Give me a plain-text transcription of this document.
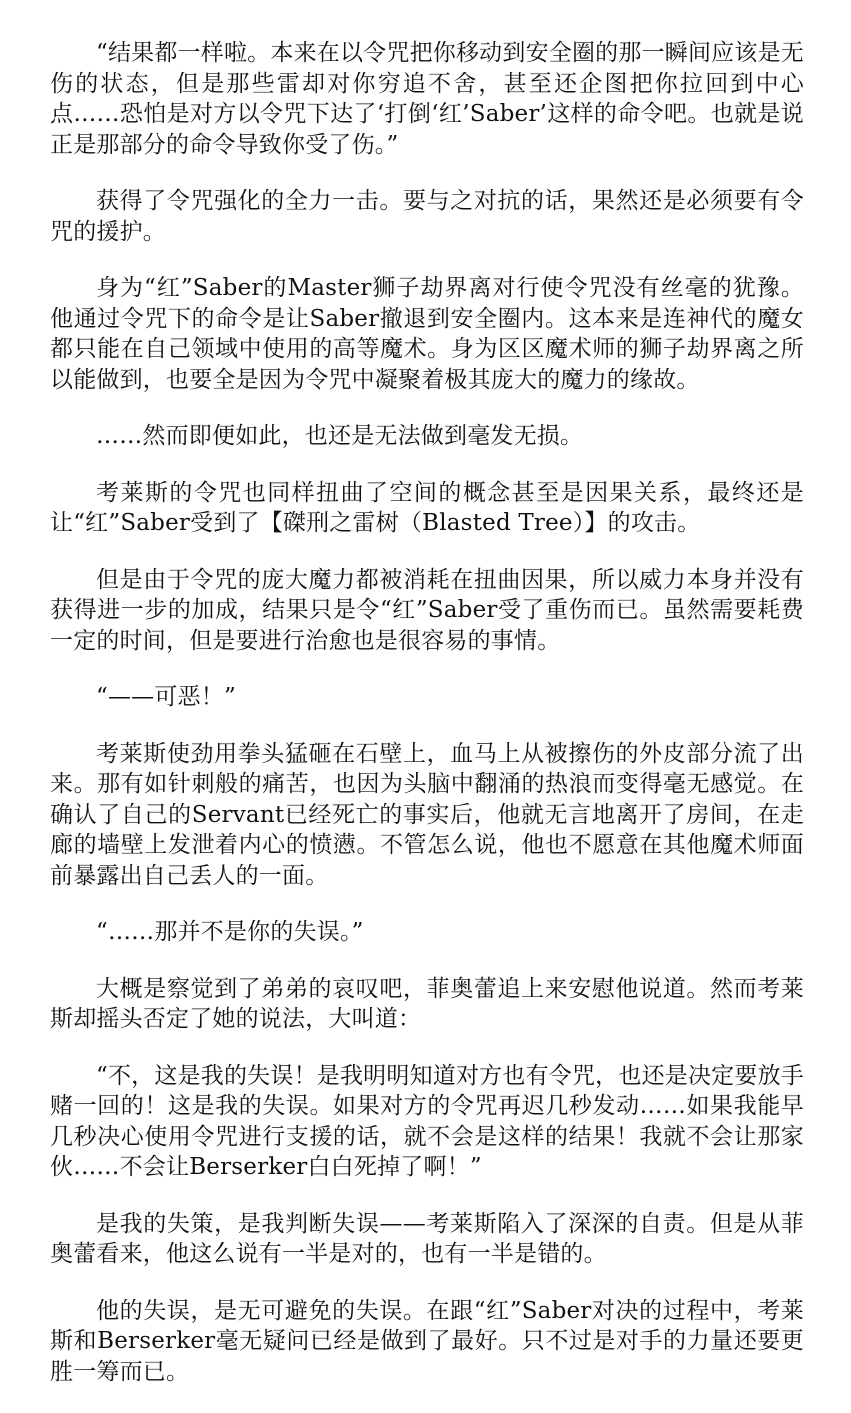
“结果都一样啦。本来在以令咒把你移动到安全圈的那一瞬间应该是无伤的状态，但是那些雷却对你穷追不舍，甚至还企图把你拉回到中心点……恐怕是对方以令咒下达了‘打倒‘红’Saber’这样的命令吧。也就是说正是那部分的命令导致你受了伤。”

获得了令咒强化的全力一击。要与之对抗的话，果然还是必须要有令咒的援护。

身为“红”Saber的Master狮子劫界离对行使令咒没有丝毫的犹豫。他通过令咒下的命令是让Saber撤退到安全圈内。这本来是连神代的魔女都只能在自己领域中使用的高等魔术。身为区区魔术师的狮子劫界离之所以能做到，也要全是因为令咒中凝聚着极其庞大的魔力的缘故。

……然而即便如此，也还是无法做到毫发无损。

考莱斯的令咒也同样扭曲了空间的概念甚至是因果关系，最终还是让“红”Saber受到了【磔刑之雷树（Blasted Tree）】的攻击。

但是由于令咒的庞大魔力都被消耗在扭曲因果，所以威力本身并没有获得进一步的加成，结果只是令“红”Saber受了重伤而已。虽然需要耗费一定的时间，但是要进行治愈也是很容易的事情。

“——可恶！”

考莱斯使劲用拳头猛砸在石壁上，血马上从被擦伤的外皮部分流了出来。那有如针刺般的痛苦，也因为头脑中翻涌的热浪而变得毫无感觉。在确认了自己的Servant已经死亡的事实后，他就无言地离开了房间，在走廊的墙壁上发泄着内心的愤懑。不管怎么说，他也不愿意在其他魔术师面前暴露出自己丢人的一面。

“……那并不是你的失误。”

大概是察觉到了弟弟的哀叹吧，菲奥蕾追上来安慰他说道。然而考莱斯却摇头否定了她的说法，大叫道：

“不，这是我的失误！是我明明知道对方也有令咒，也还是决定要放手赌一回的！这是我的失误。如果对方的令咒再迟几秒发动……如果我能早几秒决心使用令咒进行支援的话，就不会是这样的结果！我就不会让那家伙……不会让Berserker白白死掉了啊！”

是我的失策，是我判断失误——考莱斯陷入了深深的自责。但是从菲奥蕾看来，他这么说有一半是对的，也有一半是错的。

他的失误，是无可避免的失误。在跟“红”Saber对决的过程中，考莱斯和Berserker毫无疑问已经是做到了最好。只不过是对手的力量还要更胜一筹而已。
